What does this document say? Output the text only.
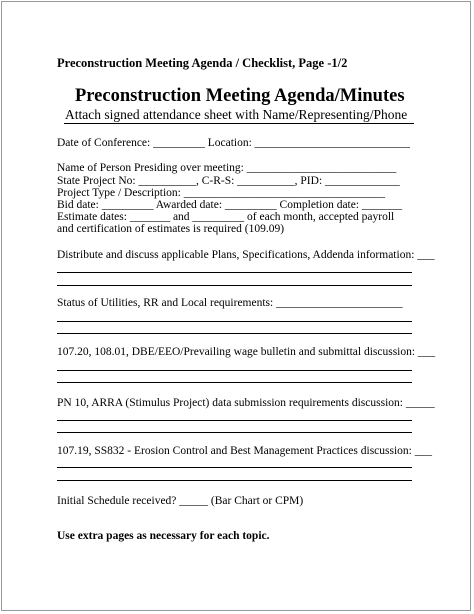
Preconstruction Meeting Agenda / Checklist, Page -1/2
Preconstruction Meeting Agenda/Minutes
Attach signed attendance sheet with Name/Representing/Phone
Date of Conference: _________ Location: ___________________________
Name of Person Presiding over meeting: __________________________
State Project No: __________, C-R-S: __________, PID: _____________
Project Type / Description: ___________________________________
Bid date: _________ Awarded date: _________ Completion date: _______
Estimate dates: _______ and _________ of each month, accepted payroll
and certification of estimates is required (109.09)
Distribute and discuss applicable Plans, Specifications, Addenda information: ___
Status of Utilities, RR and Local requirements: ______________________
107.20, 108.01, DBE/EEO/Prevailing wage bulletin and submittal discussion: ___
PN 10, ARRA (Stimulus Project) data submission requirements discussion: _____
107.19, SS832 - Erosion Control and Best Management Practices discussion: ___
Initial Schedule received? _____ (Bar Chart or CPM)
Use extra pages as necessary for each topic.
